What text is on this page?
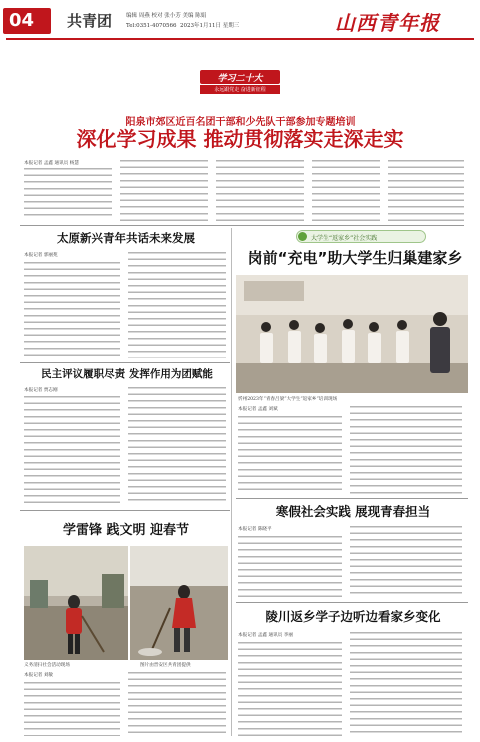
04 共青团	编辑 周燕 校对 张小芳 美编 陈娟
Tel:0351-4070566 2023年1月11日 星期三	山西青年报
学习二十大
永远跟党走 奋进新征程
阳泉市郊区近百名团干部和少先队干部参加专题培训
深化学习成果 推动贯彻落实走深走实
本报记者 孟鑫 通讯员 杨慧
太原新兴青年共话未来发展
本报记者 郭丽苑
民主评议履职尽责 发挥作用为团赋能
本报记者 贾志刚
学雷锋 践文明 迎春节
义务清扫社会活动现场	图片由晋安区共青团提供
本报记者 刘敏
大学生“返家乡”社会实践
岗前“充电”助大学生归巢建家乡
忻州2023年“青春吕梁”大学生“返家乡”培训现场
本报记者 孟鑫 刘斌
寒假社会实践 展现青春担当
本报记者 陈晓平
陵川返乡学子边听边看家乡变化
本报记者 孟鑫 通讯员 李丽
